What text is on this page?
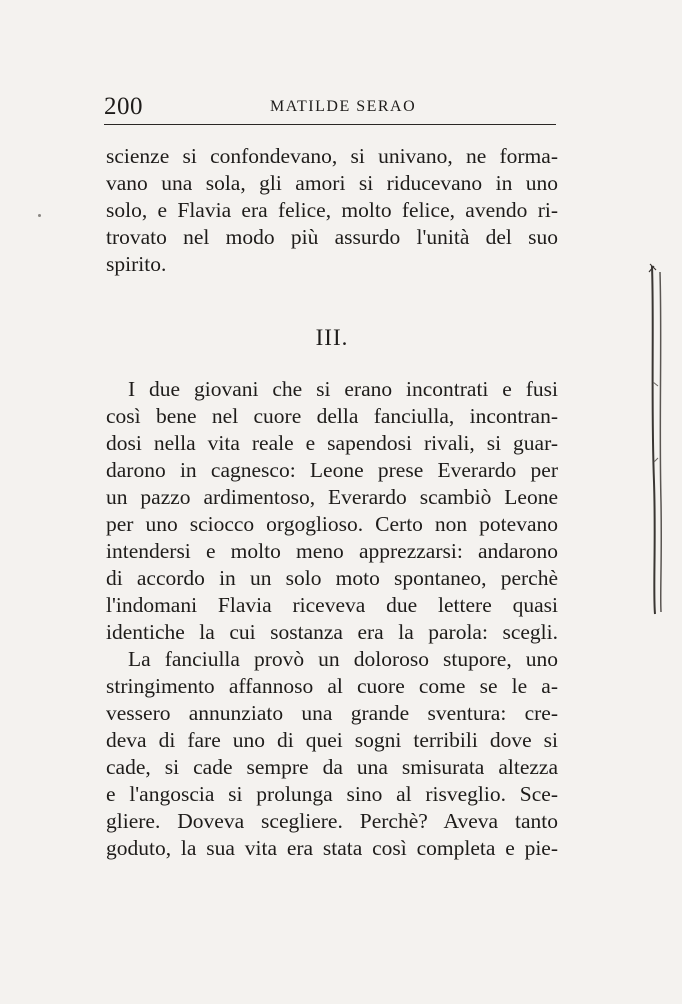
200	MATILDE SERAO
scienze si confondevano, si univano, ne forma-
vano una sola, gli amori si riducevano in uno
solo, e Flavia era felice, molto felice, avendo ri-
trovato nel modo più assurdo l'unità del suo
spirito.
III.
I due giovani che si erano incontrati e fusi
così bene nel cuore della fanciulla, incontran-
dosi nella vita reale e sapendosi rivali, si guar-
darono in cagnesco: Leone prese Everardo per
un pazzo ardimentoso, Everardo scambiò Leone
per uno sciocco orgoglioso. Certo non potevano
intendersi e molto meno apprezzarsi: andarono
di accordo in un solo moto spontaneo, perchè
l'indomani Flavia riceveva due lettere quasi
identiche la cui sostanza era la parola: scegli.
La fanciulla provò un doloroso stupore, uno
stringimento affannoso al cuore come se le a-
vessero annunziato una grande sventura: cre-
deva di fare uno di quei sogni terribili dove si
cade, si cade sempre da una smisurata altezza
e l'angoscia si prolunga sino al risveglio. Sce-
gliere. Doveva scegliere. Perchè? Aveva tanto
goduto, la sua vita era stata così completa e pie-
